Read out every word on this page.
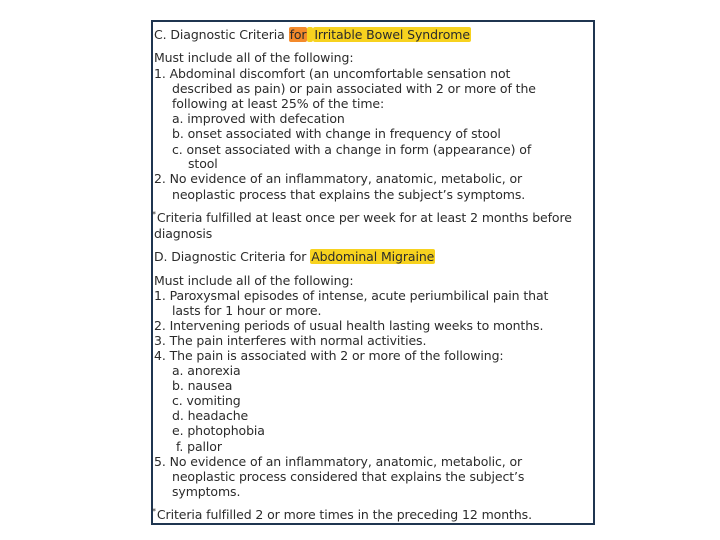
C. Diagnostic Criteria for Irritable Bowel Syndrome
Must include all of the following:
1. Abdominal discomfort (an uncomfortable sensation not
described as pain) or pain associated with 2 or more of the
following at least 25% of the time:
a. improved with defecation
b. onset associated with change in frequency of stool
c. onset associated with a change in form (appearance) of
stool
2. No evidence of an inflammatory, anatomic, metabolic, or
neoplastic process that explains the subject’s symptoms.
*Criteria fulfilled at least once per week for at least 2 months before
diagnosis
D. Diagnostic Criteria for Abdominal Migraine
Must include all of the following:
1. Paroxysmal episodes of intense, acute periumbilical pain that
lasts for 1 hour or more.
2. Intervening periods of usual health lasting weeks to months.
3. The pain interferes with normal activities.
4. The pain is associated with 2 or more of the following:
a. anorexia
b. nausea
c. vomiting
d. headache
e. photophobia
f. pallor
5. No evidence of an inflammatory, anatomic, metabolic, or
neoplastic process considered that explains the subject’s
symptoms.
*Criteria fulfilled 2 or more times in the preceding 12 months.
